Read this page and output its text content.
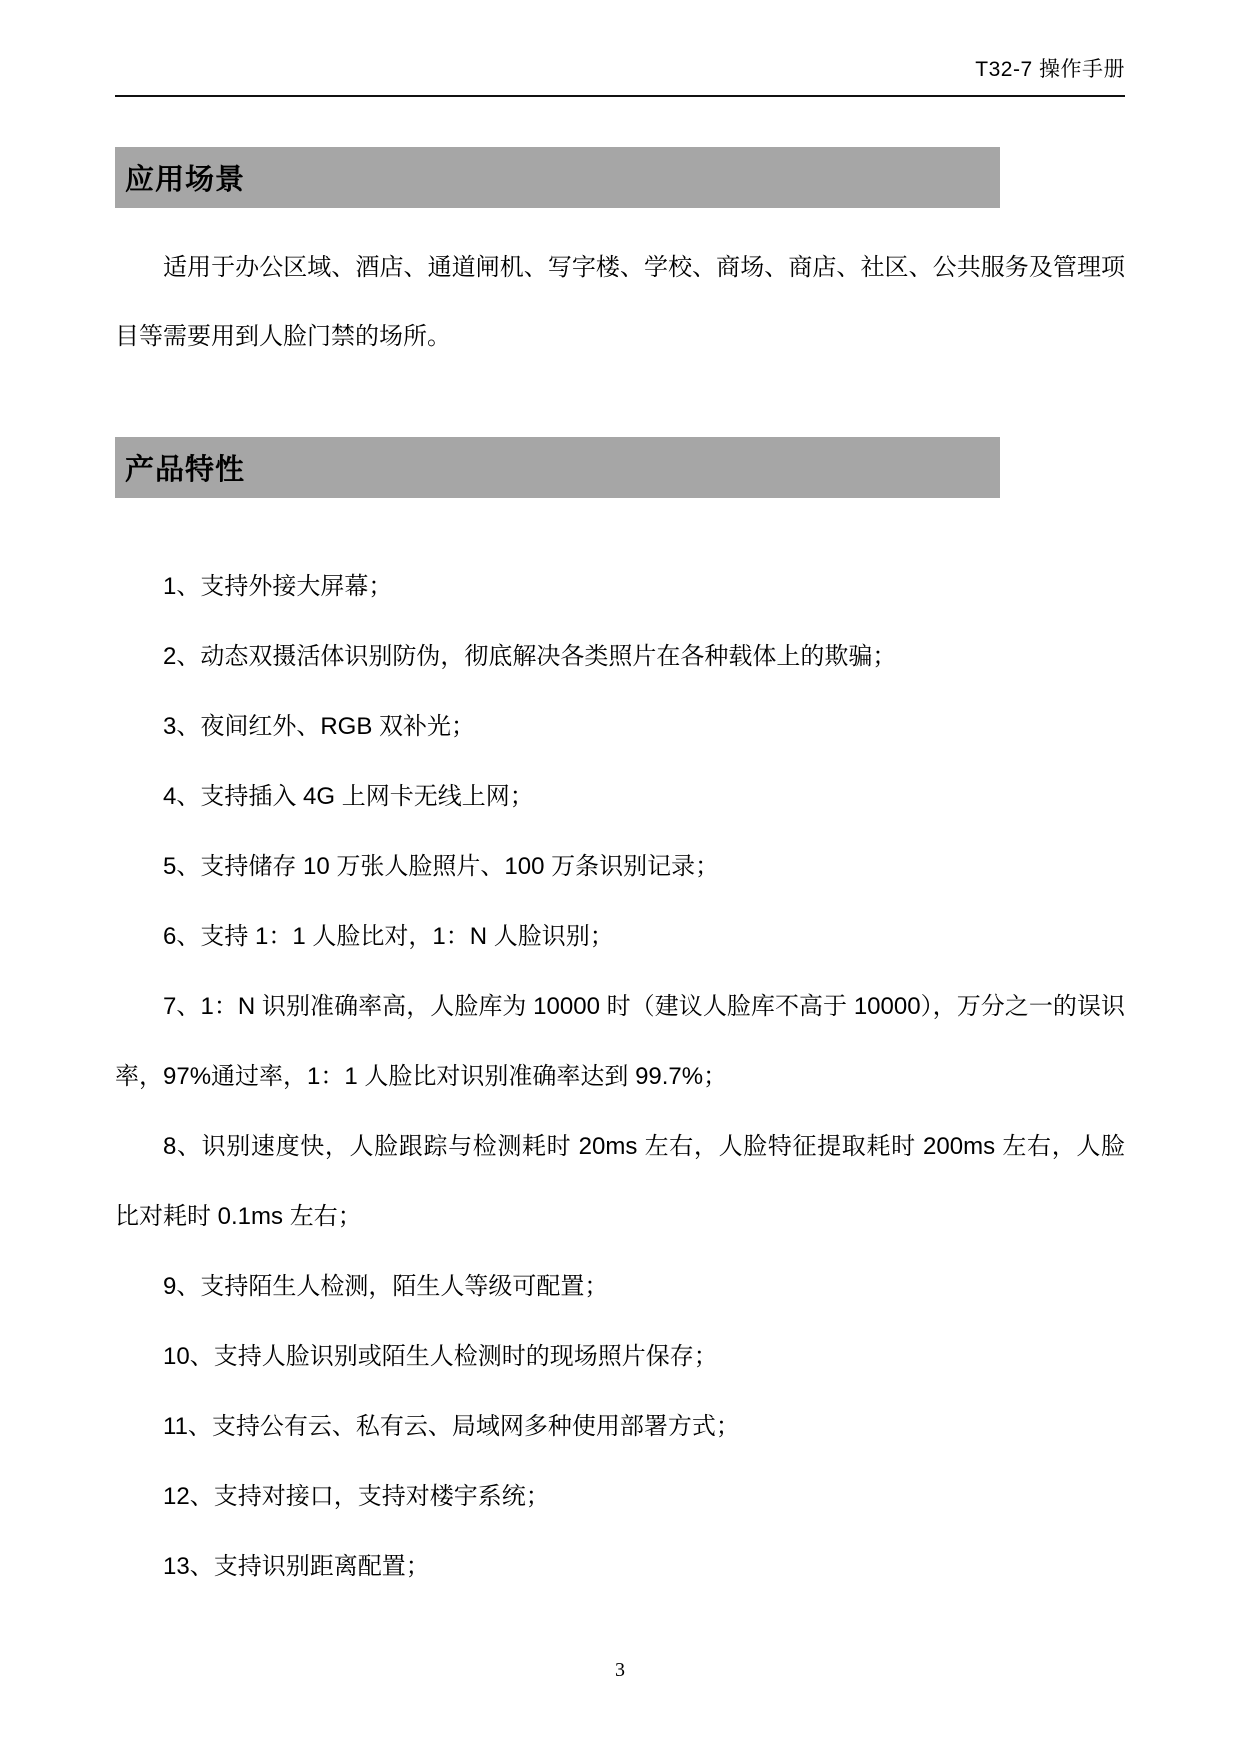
T32-7 操作手册
应用场景

适用于办公区域、酒店、通道闸机、写字楼、学校、商场、商店、社区、公共服务及管理项目等需要用到人脸门禁的场所。

产品特性

1、支持外接大屏幕；

2、动态双摄活体识别防伪，彻底解决各类照片在各种载体上的欺骗；

3、夜间红外、RGB 双补光；

4、支持插入 4G 上网卡无线上网；

5、支持储存 10 万张人脸照片、100 万条识别记录；

6、支持 1：1 人脸比对，1：N 人脸识别；

7、1：N 识别准确率高，人脸库为 10000 时（建议人脸库不高于 10000），万分之一的误识率，97%通过率，1：1 人脸比对识别准确率达到 99.7%；

8、识别速度快，人脸跟踪与检测耗时 20ms 左右，人脸特征提取耗时 200ms 左右，人脸比对耗时 0.1ms 左右；

9、支持陌生人检测，陌生人等级可配置；

10、支持人脸识别或陌生人检测时的现场照片保存；

11、支持公有云、私有云、局域网多种使用部署方式；

12、支持对接口，支持对楼宇系统；

13、支持识别距离配置；

3
